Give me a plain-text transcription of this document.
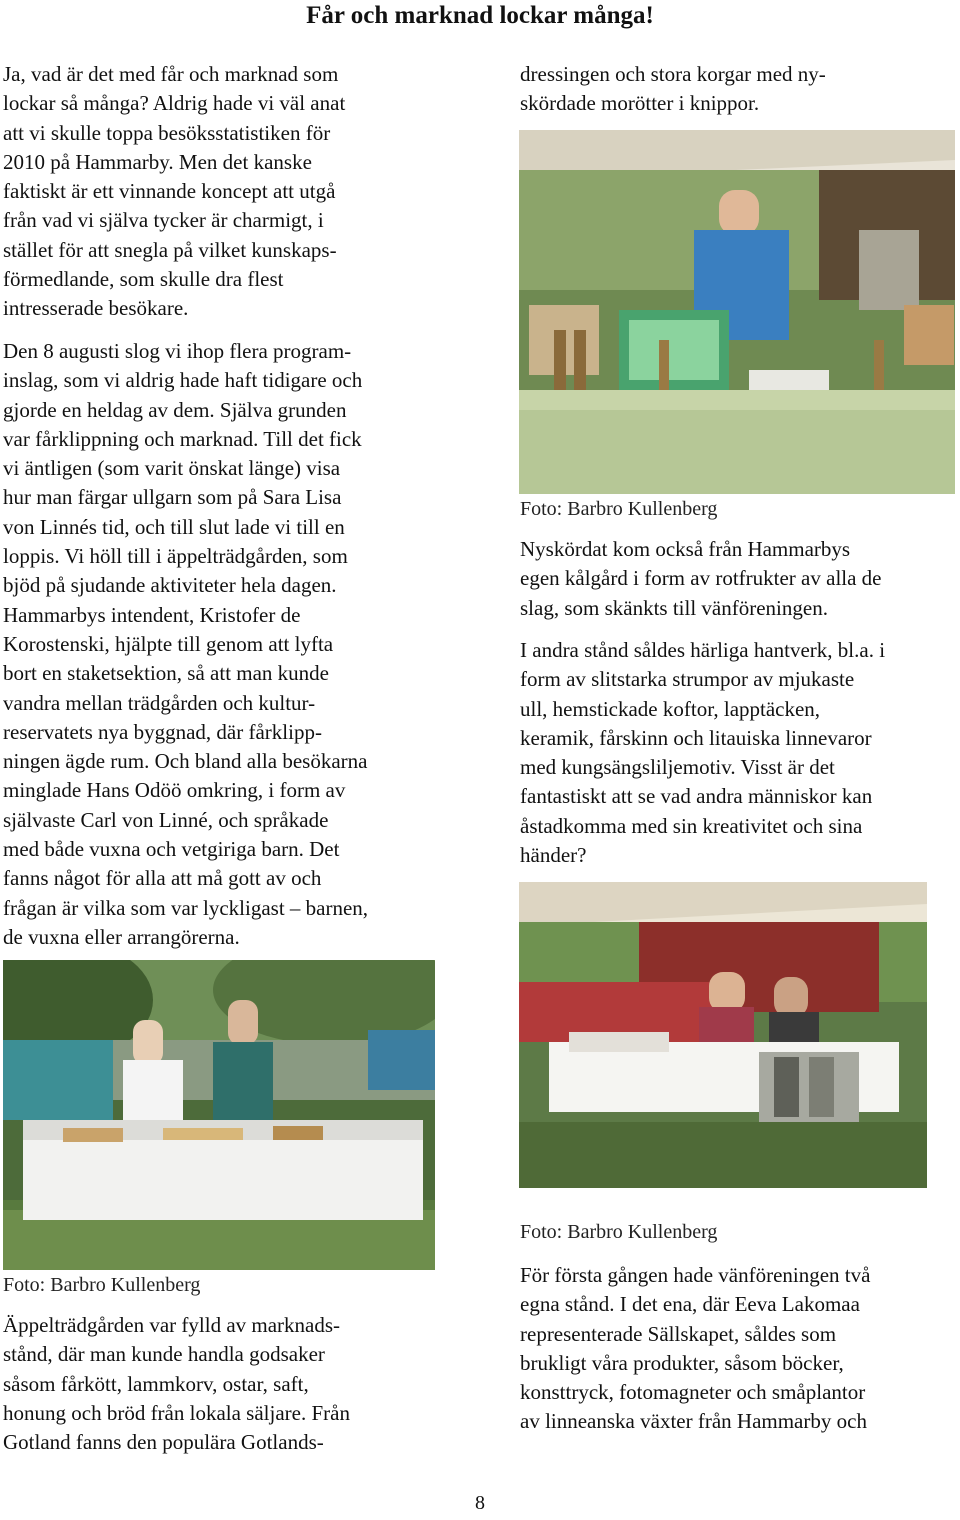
Får och marknad lockar många!
Ja, vad är det med får och marknad som
lockar så många? Aldrig hade vi väl anat
att vi skulle toppa besöksstatistiken för
2010 på Hammarby. Men det kanske
faktiskt är ett vinnande koncept att utgå
från vad vi själva tycker är charmigt, i
stället för att snegla på vilket kunskaps-
förmedlande, som skulle dra flest
intresserade besökare.
Den 8 augusti slog vi ihop flera program-
inslag, som vi aldrig hade haft tidigare och
gjorde en heldag av dem. Själva grunden
var fårklippning och marknad. Till det fick
vi äntligen (som varit önskat länge) visa
hur man färgar ullgarn som på Sara Lisa
von Linnés tid, och till slut lade vi till en
loppis. Vi höll till i äppelträdgården, som
bjöd på sjudande aktiviteter hela dagen.
Hammarbys intendent, Kristofer de
Korostenski, hjälpte till genom att lyfta
bort en staketsektion, så att man kunde
vandra mellan trädgården och kultur-
reservatets nya byggnad, där fårklipp-
ningen ägde rum. Och bland alla besökarna
minglade Hans Odöö omkring, i form av
självaste Carl von Linné, och språkade
med både vuxna och vetgiriga barn. Det
fanns något för alla att må gott av och
frågan är vilka som var lyckligast – barnen,
de vuxna eller arrangörerna.
Foto: Barbro Kullenberg
Äppelträdgården var fylld av marknads-
stånd, där man kunde handla godsaker
såsom fårkött, lammkorv, ostar, saft,
honung och bröd från lokala säljare. Från
Gotland fanns den populära Gotlands-
dressingen och stora korgar med ny-
skördade morötter i knippor.
Foto: Barbro Kullenberg
Nyskördat kom också från Hammarbys
egen kålgård i form av rotfrukter av alla de
slag, som skänkts till vänföreningen.
I andra stånd såldes härliga hantverk, bl.a. i
form av slitstarka strumpor av mjukaste
ull, hemstickade koftor, lapptäcken,
keramik, fårskinn och litauiska linnevaror
med kungsängsliljemotiv. Visst är det
fantastiskt att se vad andra människor kan
åstadkomma med sin kreativitet och sina
händer?
Foto: Barbro Kullenberg
För första gången hade vänföreningen två
egna stånd. I det ena, där Eeva Lakomaa
representerade Sällskapet, såldes som
brukligt våra produkter, såsom böcker,
konsttryck, fotomagneter och småplantor
av linneanska växter från Hammarby och
8
